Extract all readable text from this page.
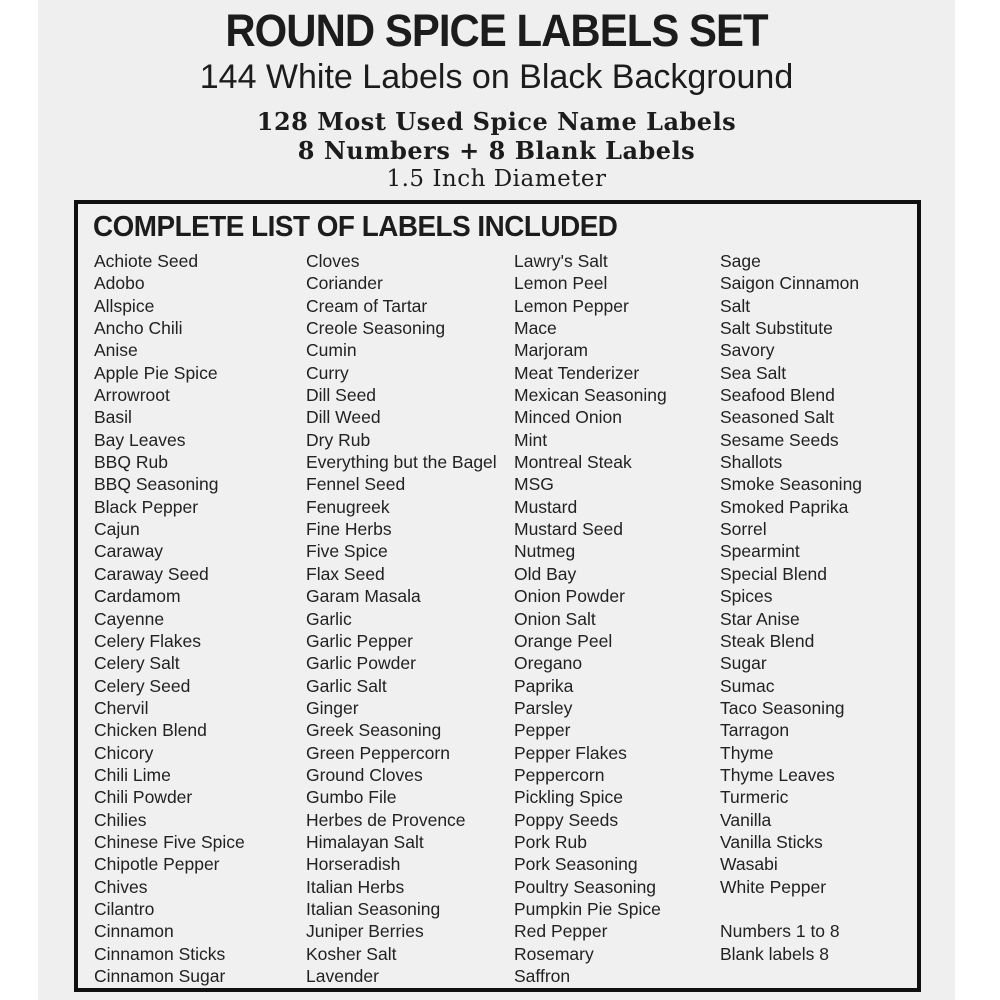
ROUND SPICE LABELS SET
144 White Labels on Black Background
128 Most Used Spice Name Labels
8 Numbers + 8 Blank Labels
1.5 Inch Diameter
COMPLETE LIST OF LABELS INCLUDED
Achiote Seed
Adobo
Allspice
Ancho Chili
Anise
Apple Pie Spice
Arrowroot
Basil
Bay Leaves
BBQ Rub
BBQ Seasoning
Black Pepper
Cajun
Caraway
Caraway Seed
Cardamom
Cayenne
Celery Flakes
Celery Salt
Celery Seed
Chervil
Chicken Blend
Chicory
Chili Lime
Chili Powder
Chilies
Chinese Five Spice
Chipotle Pepper
Chives
Cilantro
Cinnamon
Cinnamon Sticks
Cinnamon Sugar
Cloves
Coriander
Cream of Tartar
Creole Seasoning
Cumin
Curry
Dill Seed
Dill Weed
Dry Rub
Everything but the Bagel
Fennel Seed
Fenugreek
Fine Herbs
Five Spice
Flax Seed
Garam Masala
Garlic
Garlic Pepper
Garlic Powder
Garlic Salt
Ginger
Greek Seasoning
Green Peppercorn
Ground Cloves
Gumbo File
Herbes de Provence
Himalayan Salt
Horseradish
Italian Herbs
Italian Seasoning
Juniper Berries
Kosher Salt
Lavender
Lawry's Salt
Lemon Peel
Lemon Pepper
Mace
Marjoram
Meat Tenderizer
Mexican Seasoning
Minced Onion
Mint
Montreal Steak
MSG
Mustard
Mustard Seed
Nutmeg
Old Bay
Onion Powder
Onion Salt
Orange Peel
Oregano
Paprika
Parsley
Pepper
Pepper Flakes
Peppercorn
Pickling Spice
Poppy Seeds
Pork Rub
Pork Seasoning
Poultry Seasoning
Pumpkin Pie Spice
Red Pepper
Rosemary
Saffron
Sage
Saigon Cinnamon
Salt
Salt Substitute
Savory
Sea Salt
Seafood Blend
Seasoned Salt
Sesame Seeds
Shallots
Smoke Seasoning
Smoked Paprika
Sorrel
Spearmint
Special Blend
Spices
Star Anise
Steak Blend
Sugar
Sumac
Taco Seasoning
Tarragon
Thyme
Thyme Leaves
Turmeric
Vanilla
Vanilla Sticks
Wasabi
White Pepper
Numbers 1 to 8
Blank labels 8
